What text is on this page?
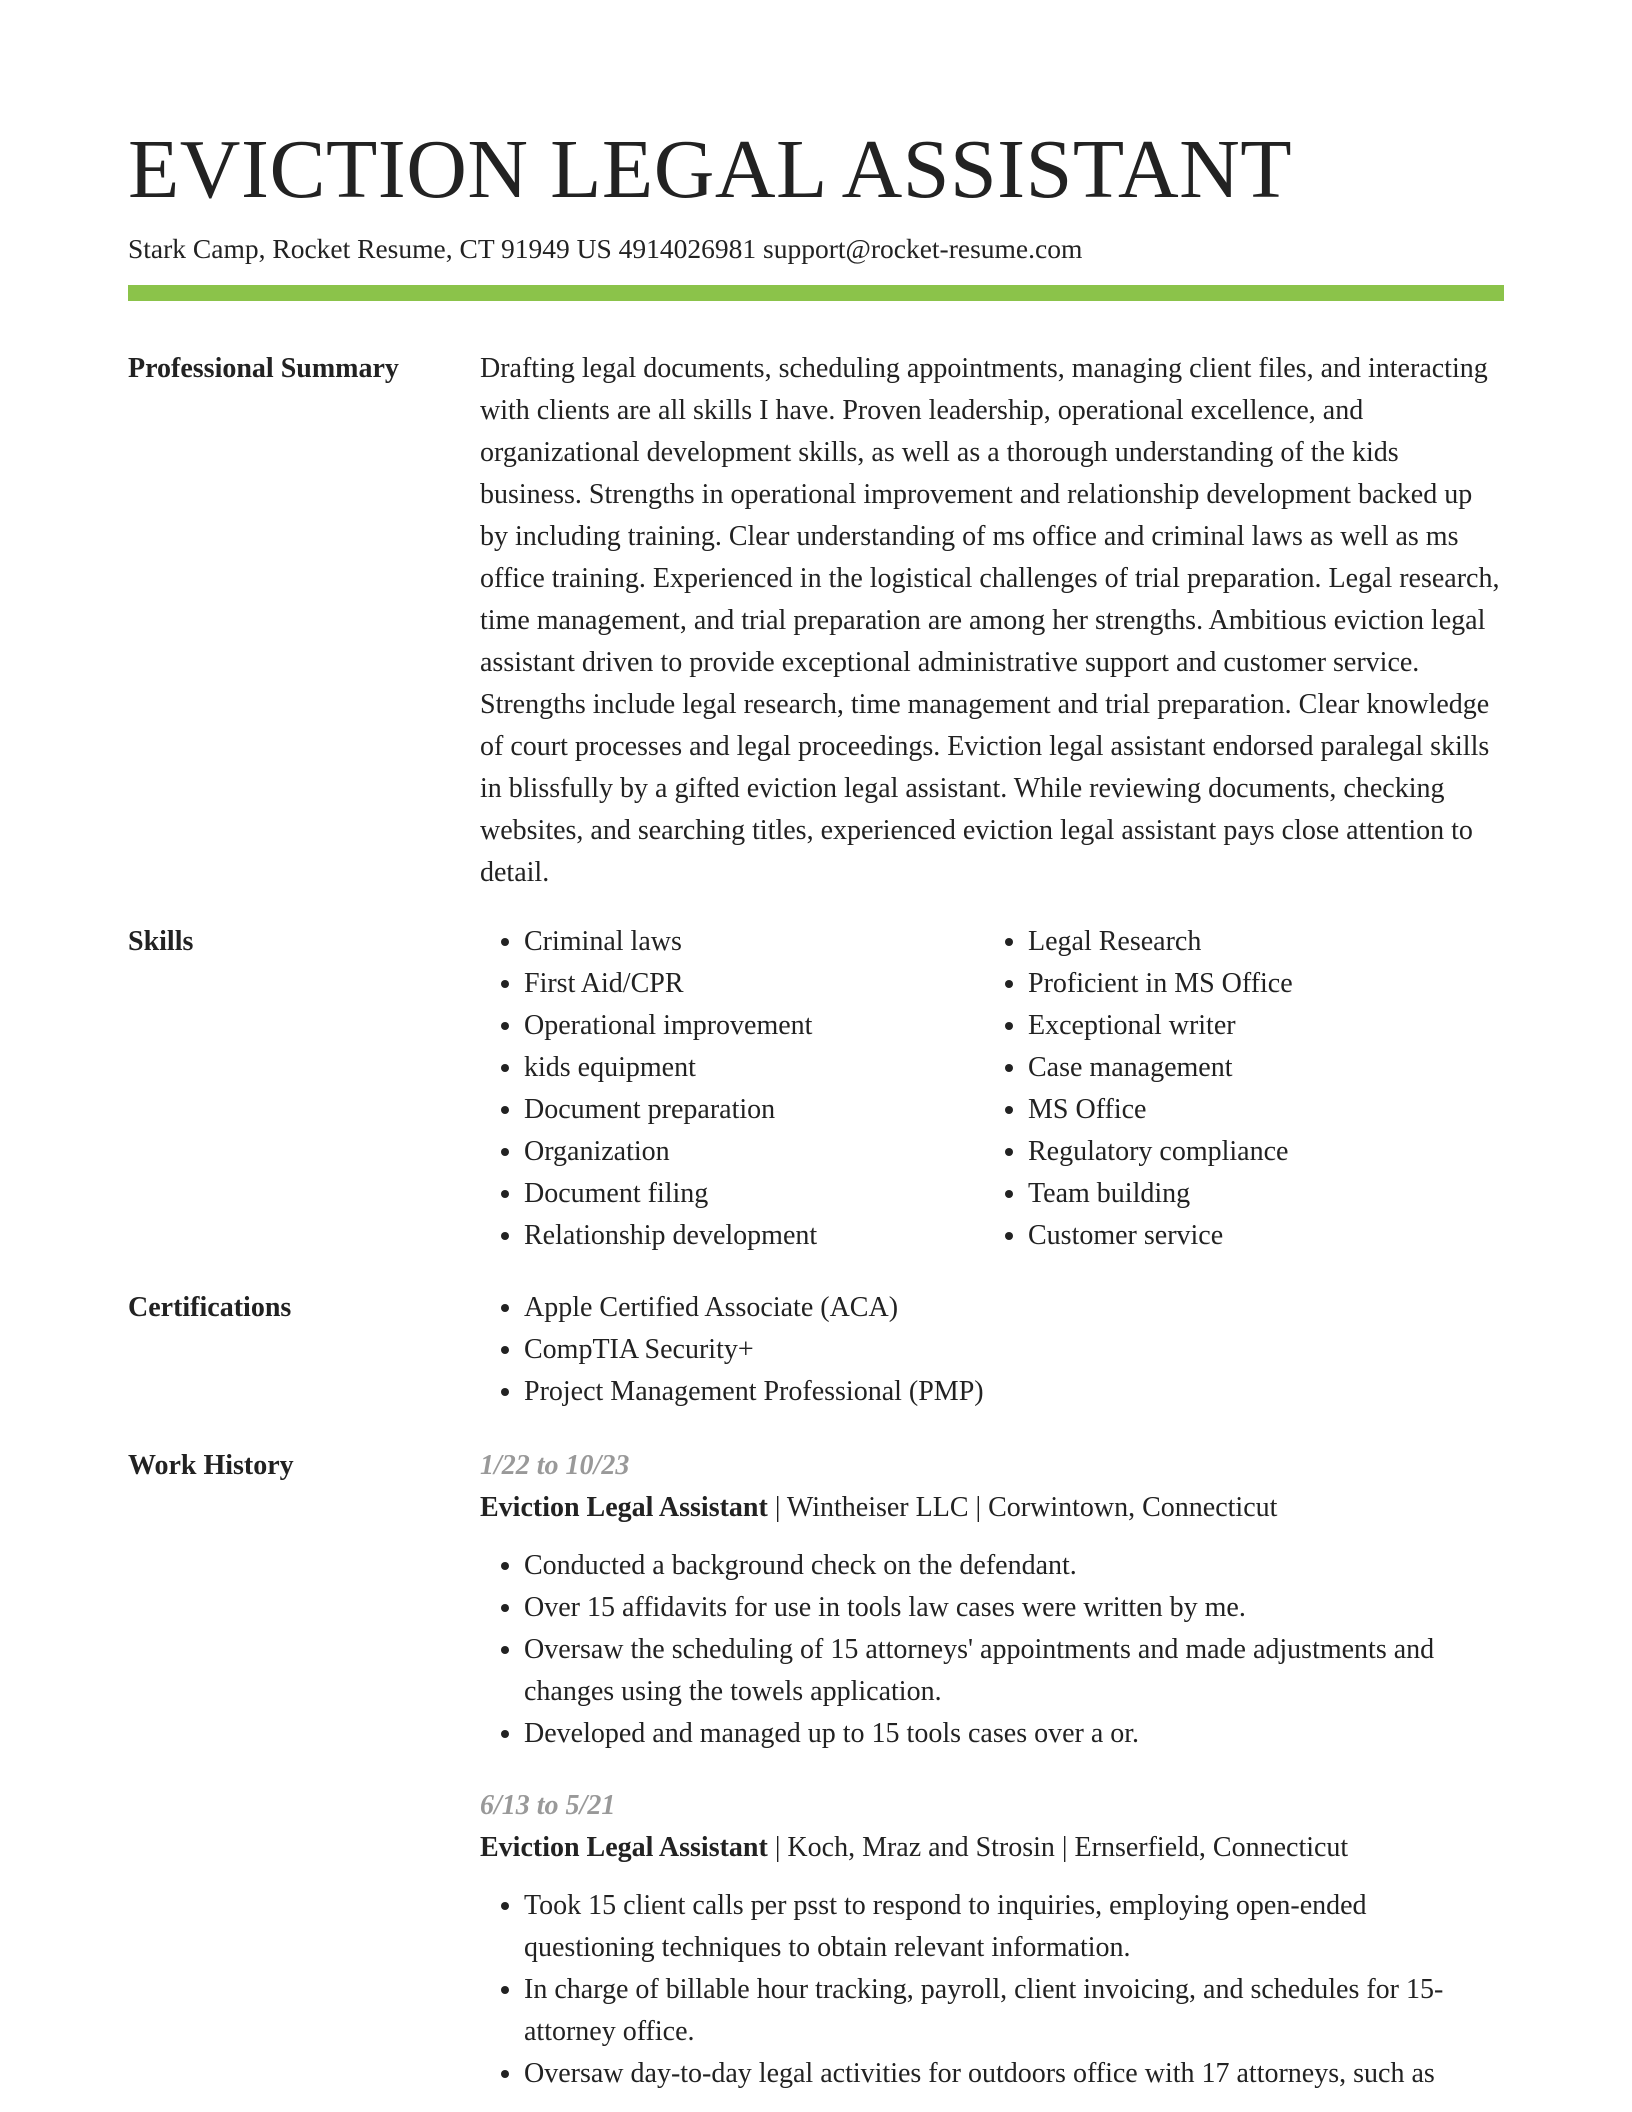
EVICTION LEGAL ASSISTANT
Stark Camp, Rocket Resume, CT 91949 US 4914026981 support@rocket-resume.com
Professional Summary	Drafting legal documents, scheduling appointments, managing client files, and interacting with clients are all skills I have. Proven leadership, operational excellence, and organizational development skills, as well as a thorough understanding of the kids business. Strengths in operational improvement and relationship development backed up by including training. Clear understanding of ms office and criminal laws as well as ms office training. Experienced in the logistical challenges of trial preparation. Legal research, time management, and trial preparation are among her strengths. Ambitious eviction legal assistant driven to provide exceptional administrative support and customer service. Strengths include legal research, time management and trial preparation. Clear knowledge of court processes and legal proceedings. Eviction legal assistant endorsed paralegal skills in blissfully by a gifted eviction legal assistant. While reviewing documents, checking websites, and searching titles, experienced eviction legal assistant pays close attention to detail.

Skills	• Criminal laws
• First Aid/CPR
• Operational improvement
• kids equipment
• Document preparation
• Organization
• Document filing
• Relationship development
• Legal Research
• Proficient in MS Office
• Exceptional writer
• Case management
• MS Office
• Regulatory compliance
• Team building
• Customer service
Certifications	• Apple Certified Associate (ACA)
• CompTIA Security+
• Project Management Professional (PMP)
Work History	1/22 to 10/23
Eviction Legal Assistant | Wintheiser LLC | Corwintown, Connecticut
• Conducted a background check on the defendant.
• Over 15 affidavits for use in tools law cases were written by me.
• Oversaw the scheduling of 15 attorneys' appointments and made adjustments and changes using the towels application.
• Developed and managed up to 15 tools cases over a or.
6/13 to 5/21
Eviction Legal Assistant | Koch, Mraz and Strosin | Ernserfield, Connecticut
• Took 15 client calls per psst to respond to inquiries, employing open-ended questioning techniques to obtain relevant information.
• In charge of billable hour tracking, payroll, client invoicing, and schedules for 15-attorney office.
• Oversaw day-to-day legal activities for outdoors office with 17 attorneys, such as
